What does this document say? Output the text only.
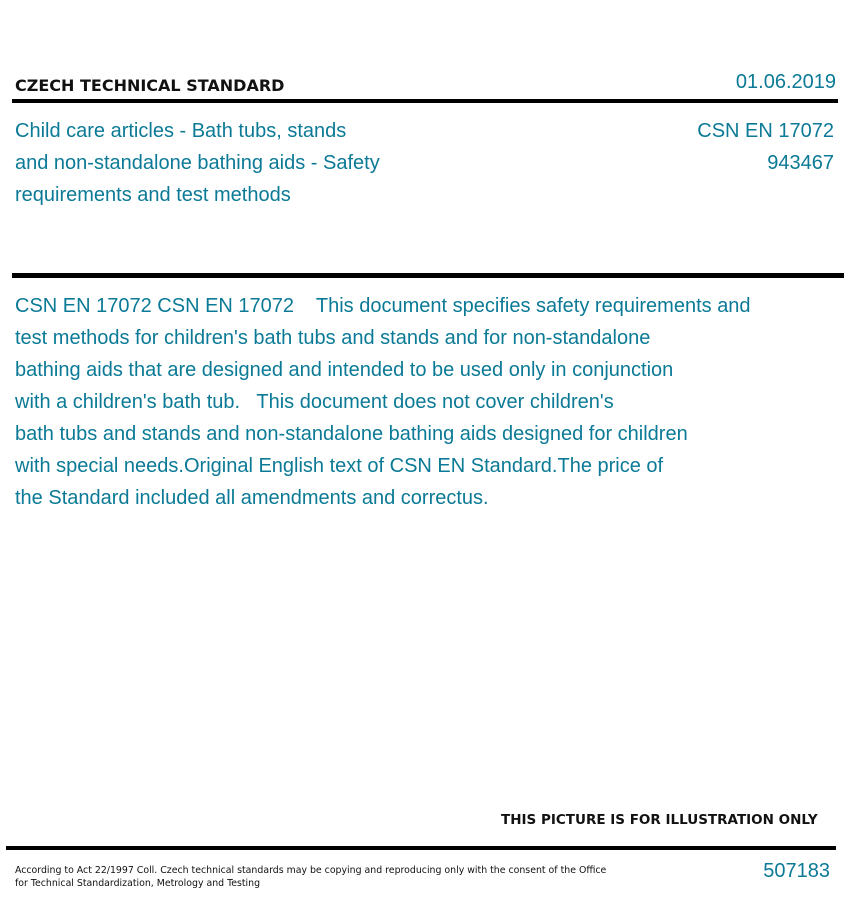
CZECH TECHNICAL STANDARD	01.06.2019
Child care articles - Bath tubs, stands
and non-standalone bathing aids - Safety
requirements and test methods
CSN EN 17072
943467
CSN EN 17072 CSN EN 17072    This document specifies safety requirements and
test methods for children's bath tubs and stands and for non-standalone
bathing aids that are designed and intended to be used only in conjunction
with a children's bath tub.   This document does not cover children's
bath tubs and stands and non-standalone bathing aids designed for children
with special needs.Original English text of CSN EN Standard.The price of
the Standard included all amendments and correctus.
THIS PICTURE IS FOR ILLUSTRATION ONLY
According to Act 22/1997 Coll. Czech technical standards may be copying and reproducing only with the consent of the Office
for Technical Standardization, Metrology and Testing
507183
